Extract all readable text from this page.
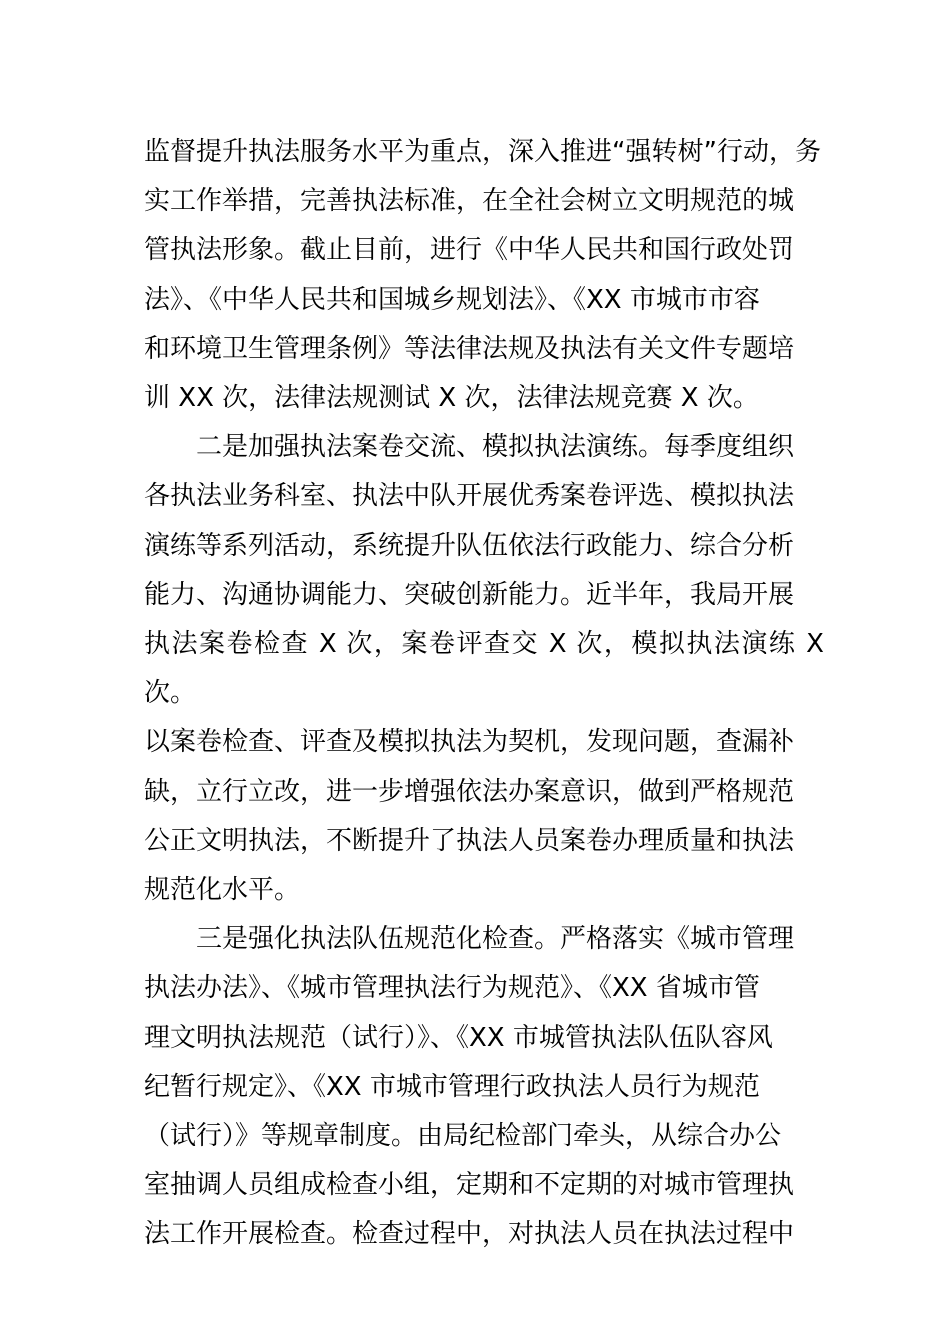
监督提升执法服务水平为重点，深入推进“强转树”行动，务
实工作举措，完善执法标准，在全社会树立文明规范的城
管执法形象。截止目前，进行《中华人民共和国行政处罚
法》、《中华人民共和国城乡规划法》、《XX 市城市市容
和环境卫生管理条例》等法律法规及执法有关文件专题培
训 XX 次，法律法规测试 X 次，法律法规竞赛 X 次。
二是加强执法案卷交流、模拟执法演练。每季度组织
各执法业务科室、执法中队开展优秀案卷评选、模拟执法
演练等系列活动，系统提升队伍依法行政能力、综合分析
能力、沟通协调能力、突破创新能力。近半年，我局开展
执法案卷检查 X 次，案卷评查交 X 次，模拟执法演练 X 次。
以案卷检查、评查及模拟执法为契机，发现问题，查漏补
缺，立行立改，进一步增强依法办案意识，做到严格规范
公正文明执法，不断提升了执法人员案卷办理质量和执法
规范化水平。
三是强化执法队伍规范化检查。严格落实《城市管理
执法办法》、《城市管理执法行为规范》、《XX 省城市管
理文明执法规范（试行）》、《XX 市城管执法队伍队容风
纪暂行规定》、《XX 市城市管理行政执法人员行为规范
（试行）》等规章制度。由局纪检部门牵头，从综合办公
室抽调人员组成检查小组，定期和不定期的对城市管理执
法工作开展检查。检查过程中，对执法人员在执法过程中
